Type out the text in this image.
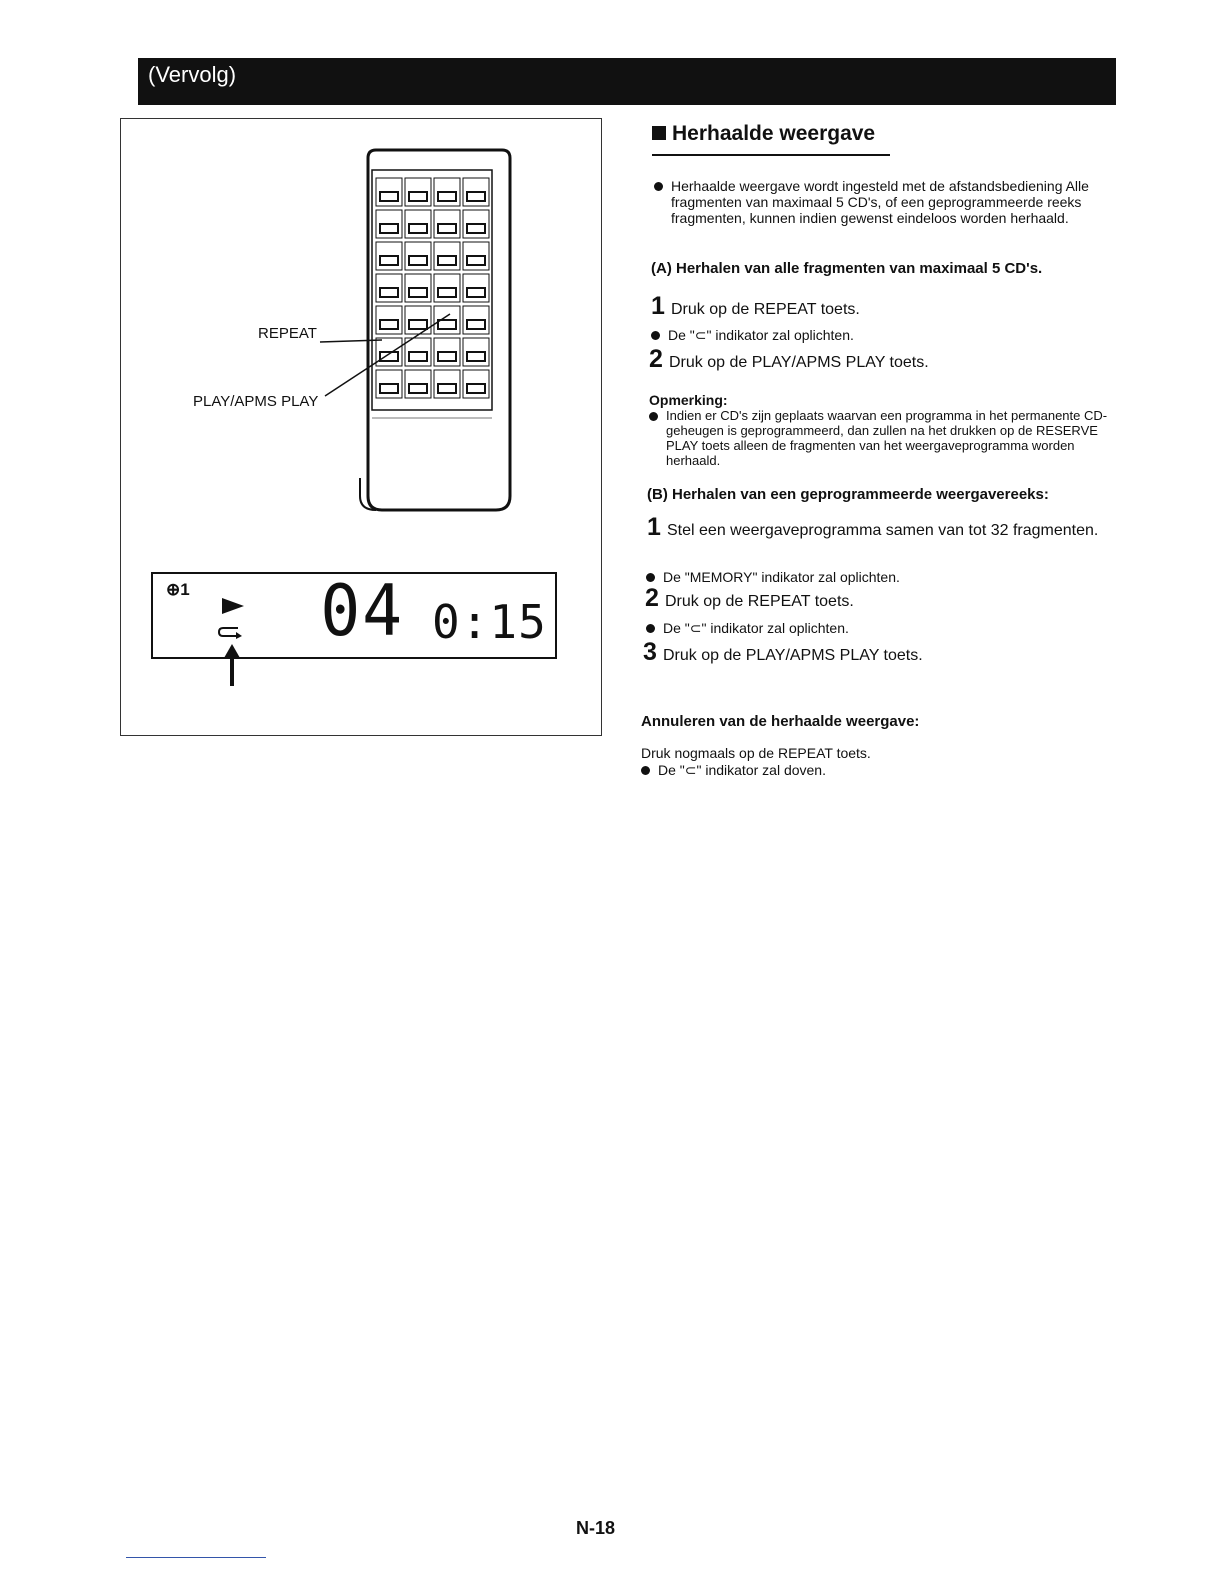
(Vervolg)
REPEAT
PLAY/APMS PLAY
⊕1 04 0:15
Herhaalde weergave
Herhaalde weergave wordt ingesteld met de afstandsbediening Alle fragmenten van maximaal 5 CD's, of een geprogrammeerde reeks fragmenten, kunnen indien gewenst eindeloos worden herhaald.
(A) Herhalen van alle fragmenten van maximaal 5 CD's.
1 Druk op de REPEAT toets.
De "⊂" indikator zal oplichten.
2 Druk op de PLAY/APMS PLAY toets.
Opmerking:
Indien er CD's zijn geplaats waarvan een programma in het permanente CD-geheugen is geprogrammeerd, dan zullen na het drukken op de RESERVE PLAY toets alleen de fragmenten van het weergaveprogramma worden herhaald.
(B) Herhalen van een geprogrammeerde weergavereeks:
1 Stel een weergaveprogramma samen van tot 32 fragmenten.
De "MEMORY" indikator zal oplichten.
2 Druk op de REPEAT toets.
De "⊂" indikator zal oplichten.
3 Druk op de PLAY/APMS PLAY toets.
Annuleren van de herhaalde weergave:
Druk nogmaals op de REPEAT toets.
De "⊂" indikator zal doven.
N-18
